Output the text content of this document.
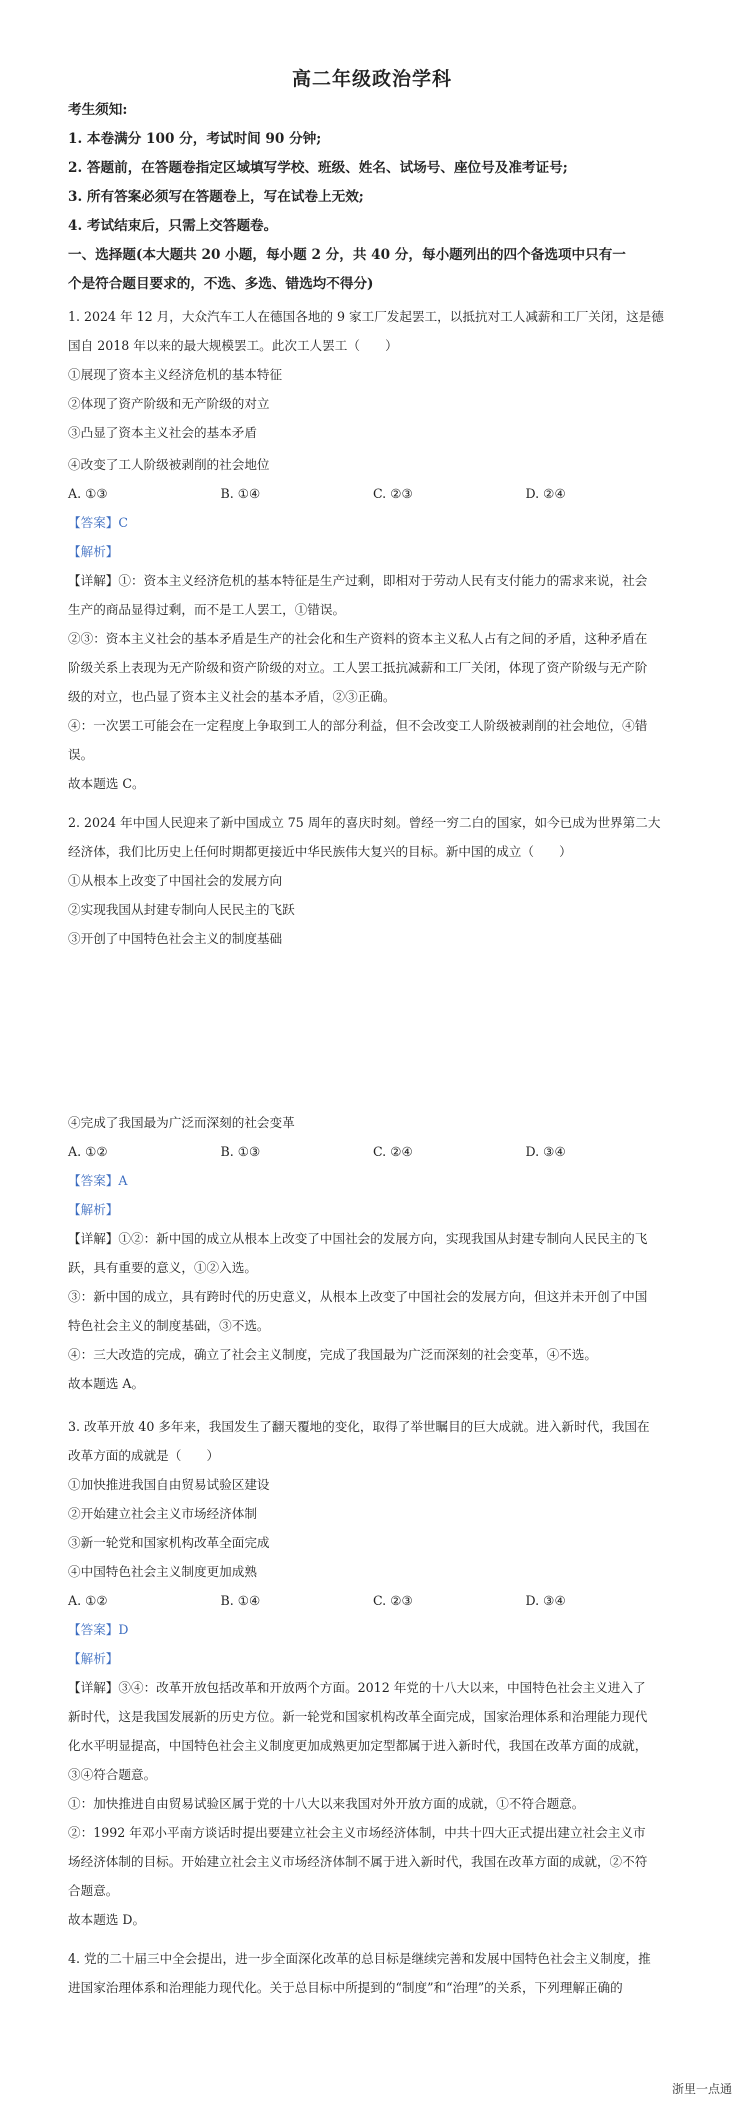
高二年级政治学科
考生须知:
1. 本卷满分 100 分，考试时间 90 分钟;
2. 答题前，在答题卷指定区域填写学校、班级、姓名、试场号、座位号及准考证号;
3. 所有答案必须写在答题卷上，写在试卷上无效;
4. 考试结束后，只需上交答题卷。
一、选择题(本大题共 20 小题，每小题 2 分，共 40 分，每小题列出的四个备选项中只有一
个是符合题目要求的，不选、多选、错选均不得分)
1. 2024 年 12 月，大众汽车工人在德国各地的 9 家工厂发起罢工，以抵抗对工人减薪和工厂关闭，这是德
国自 2018 年以来的最大规模罢工。此次工人罢工（　　）
①展现了资本主义经济危机的基本特征
②体现了资产阶级和无产阶级的对立
③凸显了资本主义社会的基本矛盾
④改变了工人阶级被剥削的社会地位
A. ①③	B. ①④	C. ②③	D. ②④
【答案】C
【解析】
【详解】①：资本主义经济危机的基本特征是生产过剩，即相对于劳动人民有支付能力的需求来说，社会
生产的商品显得过剩，而不是工人罢工，①错误。
②③：资本主义社会的基本矛盾是生产的社会化和生产资料的资本主义私人占有之间的矛盾，这种矛盾在
阶级关系上表现为无产阶级和资产阶级的对立。工人罢工抵抗减薪和工厂关闭，体现了资产阶级与无产阶
级的对立，也凸显了资本主义社会的基本矛盾，②③正确。
④：一次罢工可能会在一定程度上争取到工人的部分利益，但不会改变工人阶级被剥削的社会地位，④错
误。
故本题选 C。
2. 2024 年中国人民迎来了新中国成立 75 周年的喜庆时刻。曾经一穷二白的国家，如今已成为世界第二大
经济体，我们比历史上任何时期都更接近中华民族伟大复兴的目标。新中国的成立（　　）
①从根本上改变了中国社会的发展方向
②实现我国从封建专制向人民民主的飞跃
③开创了中国特色社会主义的制度基础
④完成了我国最为广泛而深刻的社会变革
A. ①②	B. ①③	C. ②④	D. ③④
【答案】A
【解析】
【详解】①②：新中国的成立从根本上改变了中国社会的发展方向，实现我国从封建专制向人民民主的飞
跃，具有重要的意义，①②入选。
③：新中国的成立，具有跨时代的历史意义，从根本上改变了中国社会的发展方向，但这并未开创了中国
特色社会主义的制度基础，③不选。
④：三大改造的完成，确立了社会主义制度，完成了我国最为广泛而深刻的社会变革，④不选。
故本题选 A。
3. 改革开放 40 多年来，我国发生了翻天覆地的变化，取得了举世瞩目的巨大成就。进入新时代，我国在
改革方面的成就是（　　）
①加快推进我国自由贸易试验区建设
②开始建立社会主义市场经济体制
③新一轮党和国家机构改革全面完成
④中国特色社会主义制度更加成熟
A. ①②	B. ①④	C. ②③	D. ③④
【答案】D
【解析】
【详解】③④：改革开放包括改革和开放两个方面。2012 年党的十八大以来，中国特色社会主义进入了
新时代，这是我国发展新的历史方位。新一轮党和国家机构改革全面完成，国家治理体系和治理能力现代
化水平明显提高，中国特色社会主义制度更加成熟更加定型都属于进入新时代，我国在改革方面的成就，
③④符合题意。
①：加快推进自由贸易试验区属于党的十八大以来我国对外开放方面的成就，①不符合题意。
②：1992 年邓小平南方谈话时提出要建立社会主义市场经济体制，中共十四大正式提出建立社会主义市
场经济体制的目标。开始建立社会主义市场经济体制不属于进入新时代，我国在改革方面的成就，②不符
合题意。
故本题选 D。
4. 党的二十届三中全会提出，进一步全面深化改革的总目标是继续完善和发展中国特色社会主义制度，推
进国家治理体系和治理能力现代化。关于总目标中所提到的“制度”和“治理”的关系，下列理解正确的
浙里一点通
